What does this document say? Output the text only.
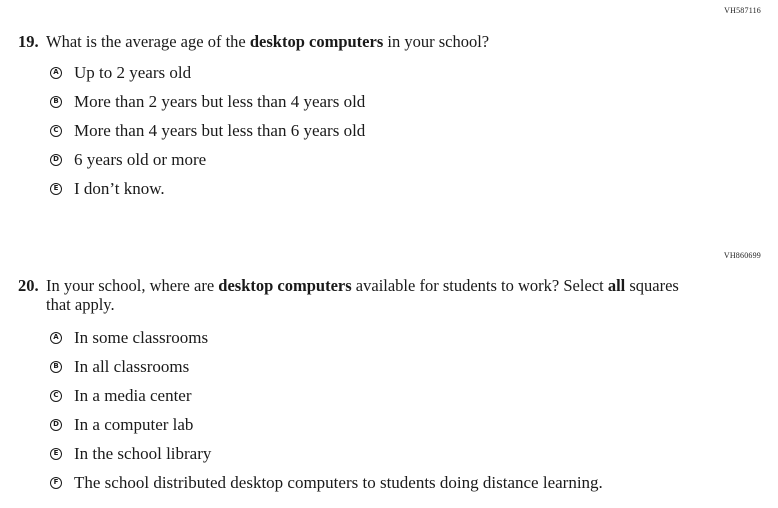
VH587116
19. What is the average age of the desktop computers in your school?
A Up to 2 years old
B More than 2 years but less than 4 years old
C More than 4 years but less than 6 years old
D 6 years old or more
E I don’t know.
VH860699
20. In your school, where are desktop computers available for students to work? Select all squares that apply.
A In some classrooms
B In all classrooms
C In a media center
D In a computer lab
E In the school library
F The school distributed desktop computers to students doing distance learning.
